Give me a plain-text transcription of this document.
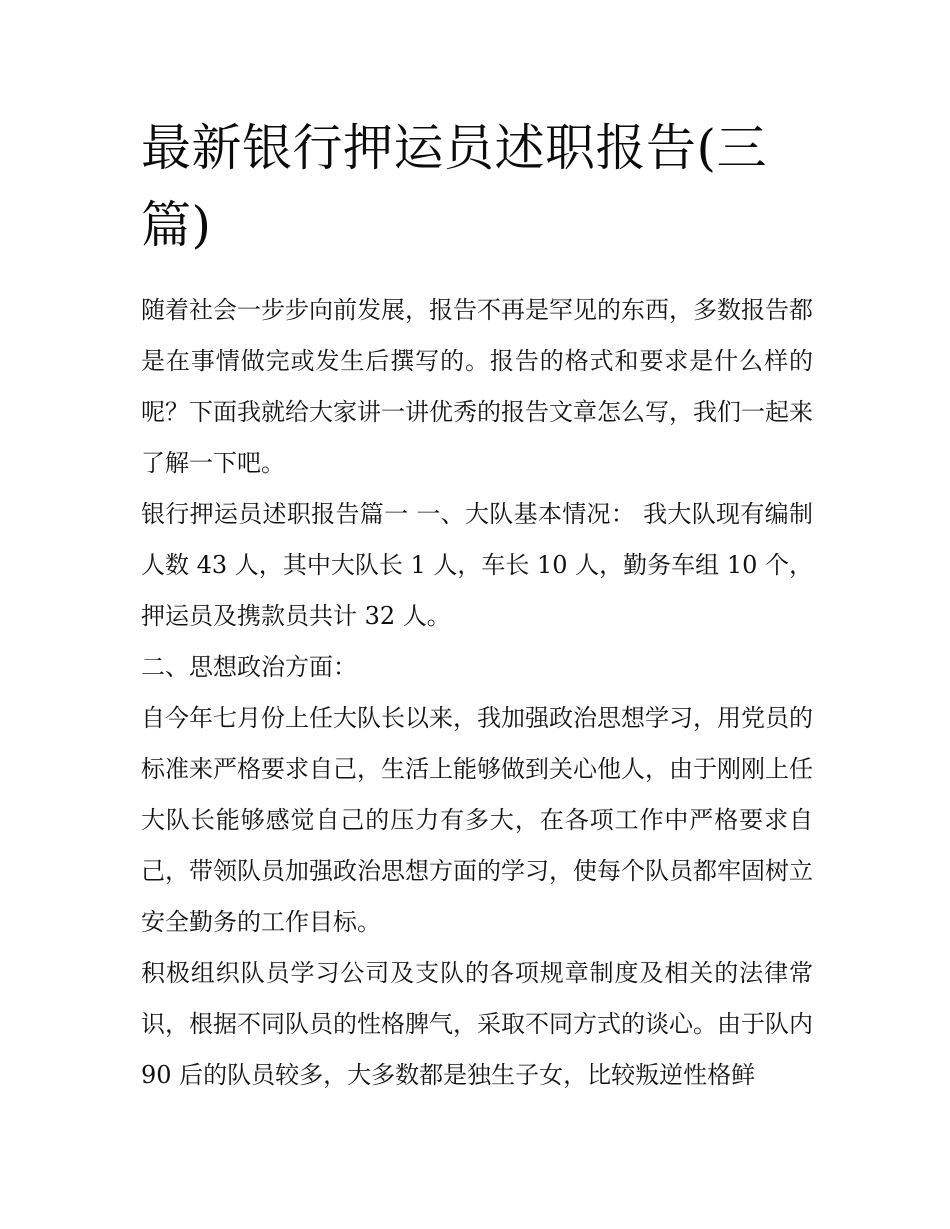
最新银行押运员述职报告(三篇)

随着社会一步步向前发展，报告不再是罕见的东西，多数报告都是在事情做完或发生后撰写的。报告的格式和要求是什么样的呢？下面我就给大家讲一讲优秀的报告文章怎么写，我们一起来了解一下吧。

银行押运员述职报告篇一 一、大队基本情况： 我大队现有编制人数 43 人，其中大队长 1 人，车长 10 人，勤务车组 10 个，押运员及携款员共计 32 人。

二、思想政治方面：

自今年七月份上任大队长以来，我加强政治思想学习，用党员的标准来严格要求自己，生活上能够做到关心他人，由于刚刚上任大队长能够感觉自己的压力有多大，在各项工作中严格要求自己，带领队员加强政治思想方面的学习，使每个队员都牢固树立安全勤务的工作目标。

积极组织队员学习公司及支队的各项规章制度及相关的法律常识，根据不同队员的性格脾气，采取不同方式的谈心。由于队内 90 后的队员较多，大多数都是独生子女，比较叛逆性格鲜
